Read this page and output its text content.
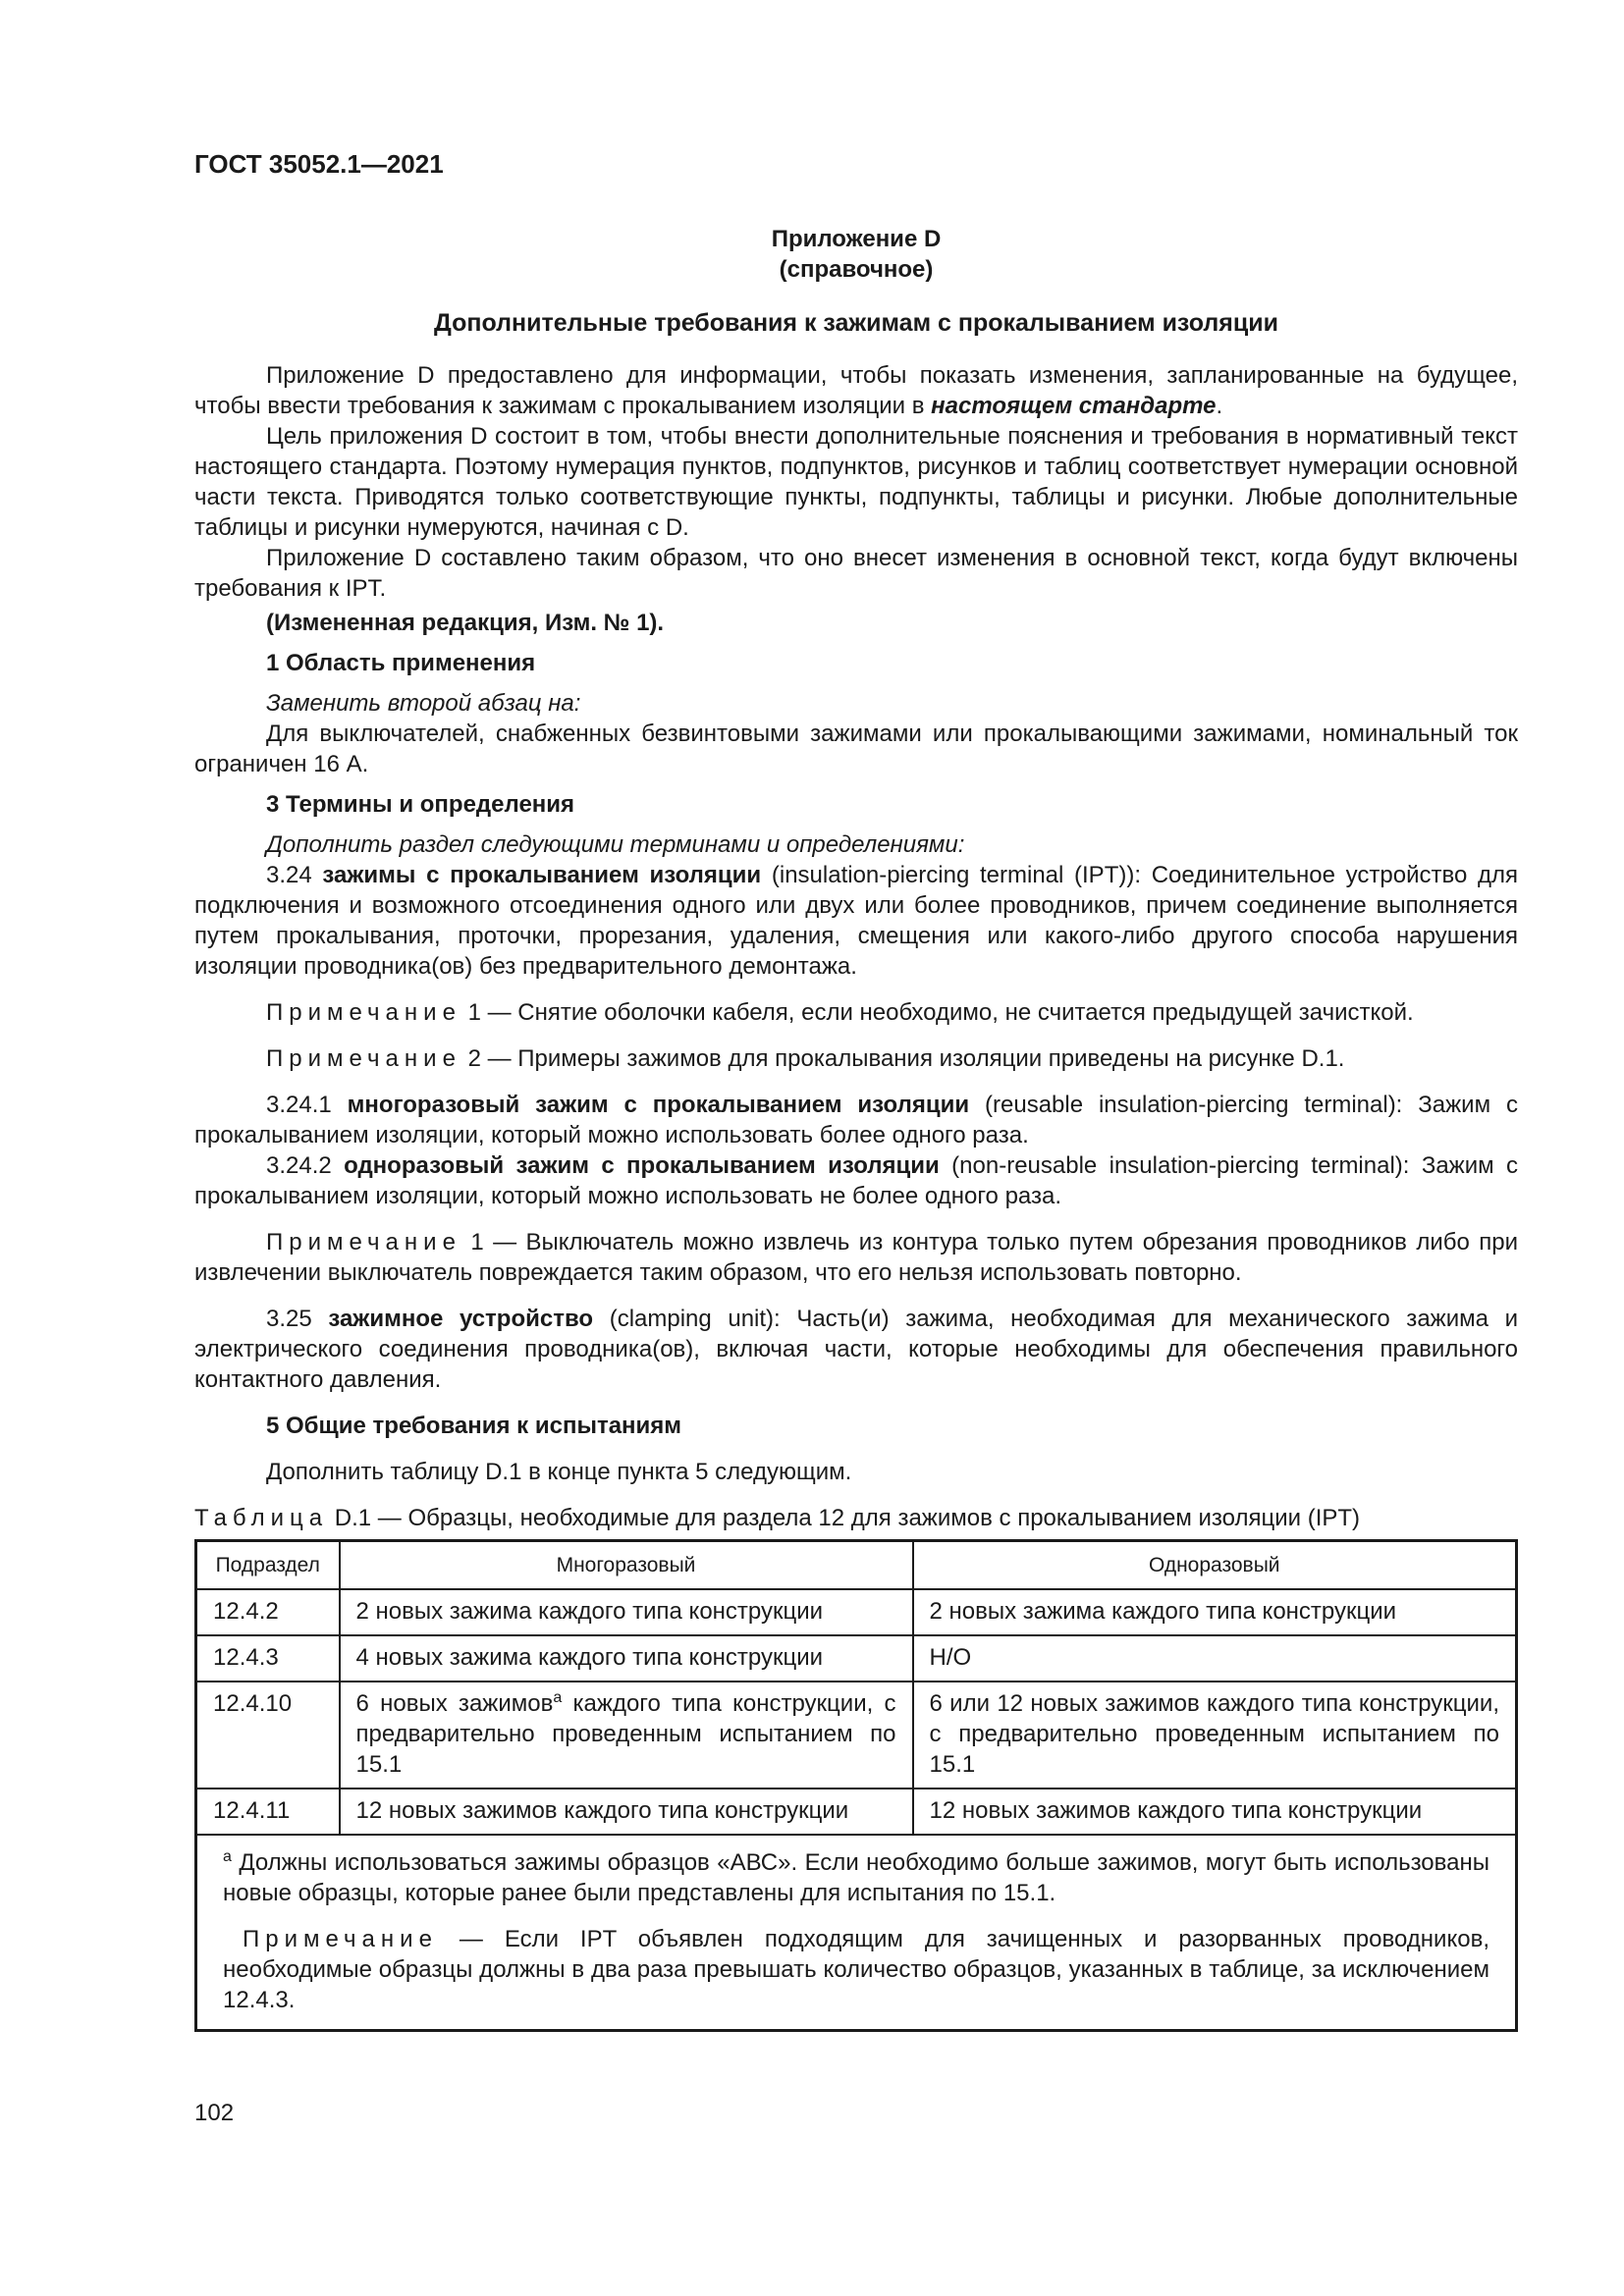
ГОСТ 35052.1—2021
Приложение D
(справочное)
Дополнительные требования к зажимам с прокалыванием изоляции

Приложение D предоставлено для информации, чтобы показать изменения, запланированные на будущее, чтобы ввести требования к зажимам с прокалыванием изоляции в настоящем стандарте.

Цель приложения D состоит в том, чтобы внести дополнительные пояснения и требования в нормативный текст настоящего стандарта. Поэтому нумерация пунктов, подпунктов, рисунков и таблиц соответствует нумерации основной части текста. Приводятся только соответствующие пункты, подпункты, таблицы и рисунки. Любые дополнительные таблицы и рисунки нумеруются, начиная с D.

Приложение D составлено таким образом, что оно внесет изменения в основной текст, когда будут включены требования к IPT.

(Измененная редакция, Изм. № 1).

1 Область применения

Заменить второй абзац на:

Для выключателей, снабженных безвинтовыми зажимами или прокалывающими зажимами, номинальный ток ограничен 16 А.

3 Термины и определения

Дополнить раздел следующими терминами и определениями:

3.24 зажимы с прокалыванием изоляции (insulation-piercing terminal (IPT)): Соединительное устройство для подключения и возможного отсоединения одного или двух или более проводников, причем соединение выполняется путем прокалывания, проточки, прорезания, удаления, смещения или какого-либо другого способа нарушения изоляции проводника(ов) без предварительного демонтажа.

Примечание 1 — Снятие оболочки кабеля, если необходимо, не считается предыдущей зачисткой.

Примечание 2 — Примеры зажимов для прокалывания изоляции приведены на рисунке D.1.

3.24.1 многоразовый зажим с прокалыванием изоляции (reusable insulation-piercing terminal): Зажим с прокалыванием изоляции, который можно использовать более одного раза.

3.24.2 одноразовый зажим с прокалыванием изоляции (non-reusable insulation-piercing terminal): Зажим с прокалыванием изоляции, который можно использовать не более одного раза.

Примечание 1 — Выключатель можно извлечь из контура только путем обрезания проводников либо при извлечении выключатель повреждается таким образом, что его нельзя использовать повторно.

3.25 зажимное устройство (clamping unit): Часть(и) зажима, необходимая для механического зажима и электрического соединения проводника(ов), включая части, которые необходимы для обеспечения правильного контактного давления.

5 Общие требования к испытаниям

Дополнить таблицу D.1 в конце пункта 5 следующим.

Таблица D.1 — Образцы, необходимые для раздела 12 для зажимов с прокалыванием изоляции (IPT)

Подраздел	Многоразовый	Одноразовый
12.4.2	2 новых зажима каждого типа конструкции	2 новых зажима каждого типа конструкции
12.4.3	4 новых зажима каждого типа конструкции	Н/О
12.4.10	6 новых зажимов$^а$ каждого типа конструкции, с предварительно проведенным испытанием по 15.1	6 или 12 новых зажимов каждого типа конструкции, с предварительно проведенным испытанием по 15.1
12.4.11	12 новых зажимов каждого типа конструкции	12 новых зажимов каждого типа конструкции

$^а$ Должны использоваться зажимы образцов «АВС». Если необходимо больше зажимов, могут быть использованы новые образцы, которые ранее были представлены для испытания по 15.1.

Примечание — Если IPT объявлен подходящим для зачищенных и разорванных проводников, необходимые образцы должны в два раза превышать количество образцов, указанных в таблице, за исключением 12.4.3.		

102
